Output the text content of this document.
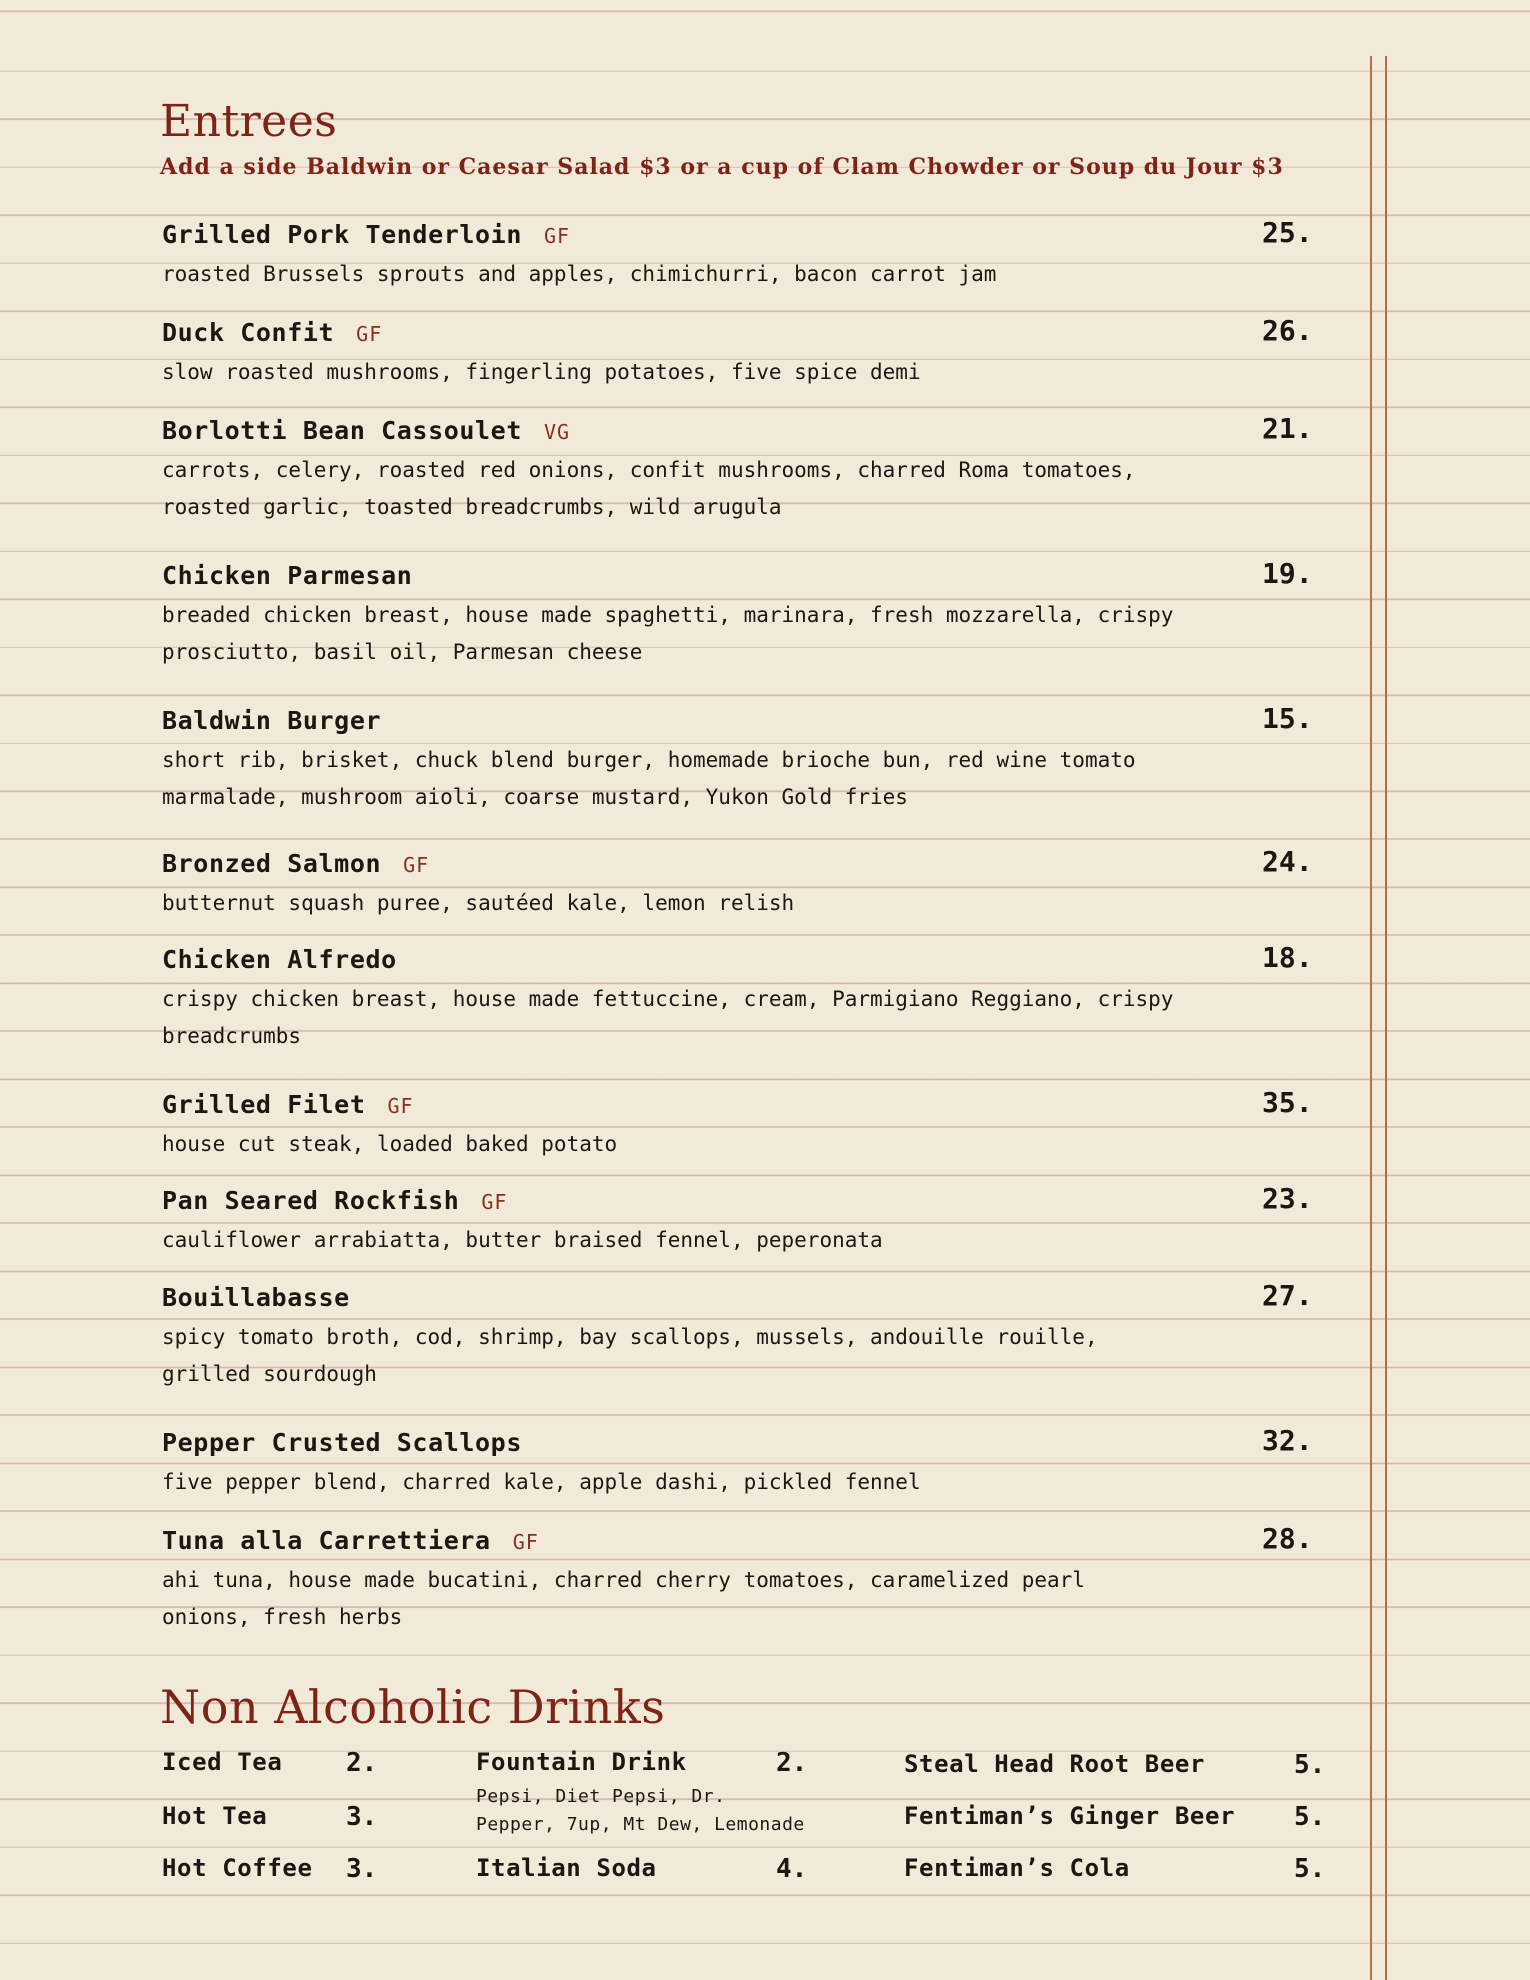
Entrees

Add a side Baldwin or Caesar Salad $3 or a cup of Clam Chowder or Soup du Jour $3

Grilled Pork Tenderloin GF	25.

roasted Brussels sprouts and apples, chimichurri, bacon carrot jam

Duck Confit GF	26.

slow roasted mushrooms, fingerling potatoes, five spice demi

Borlotti Bean Cassoulet VG	21.

carrots, celery, roasted red onions, confit mushrooms, charred Roma tomatoes, roasted garlic, toasted breadcrumbs, wild arugula

Chicken Parmesan	19.

breaded chicken breast, house made spaghetti, marinara, fresh mozzarella, crispy prosciutto, basil oil, Parmesan cheese

Baldwin Burger	15.

short rib, brisket, chuck blend burger, homemade brioche bun, red wine tomato marmalade, mushroom aioli, coarse mustard, Yukon Gold fries

Bronzed Salmon GF	24.

butternut squash puree, sautéed kale, lemon relish

Chicken Alfredo	18.

crispy chicken breast, house made fettuccine, cream, Parmigiano Reggiano, crispy breadcrumbs

Grilled Filet GF	35.

house cut steak, loaded baked potato

Pan Seared Rockfish GF	23.

cauliflower arrabiatta, butter braised fennel, peperonata

Bouillabasse	27.

spicy tomato broth, cod, shrimp, bay scallops, mussels, andouille rouille, grilled sourdough

Pepper Crusted Scallops	32.

five pepper blend, charred kale, apple dashi, pickled fennel

Tuna alla Carrettiera GF	28.

ahi tuna, house made bucatini, charred cherry tomatoes, caramelized pearl onions, fresh herbs

Non Alcoholic Drinks
Iced Tea 2.
Hot Tea	3.
Hot Coffee 3.
Fountain Drink	2.

Pepsi, Diet Pepsi, Dr. Pepper, 7up, Mt Dew, Lemonade

Italian Soda	4.
Steal Head Root Beer	5.
Fentiman’s Ginger Beer 5.
Fentiman’s Cola	5.
